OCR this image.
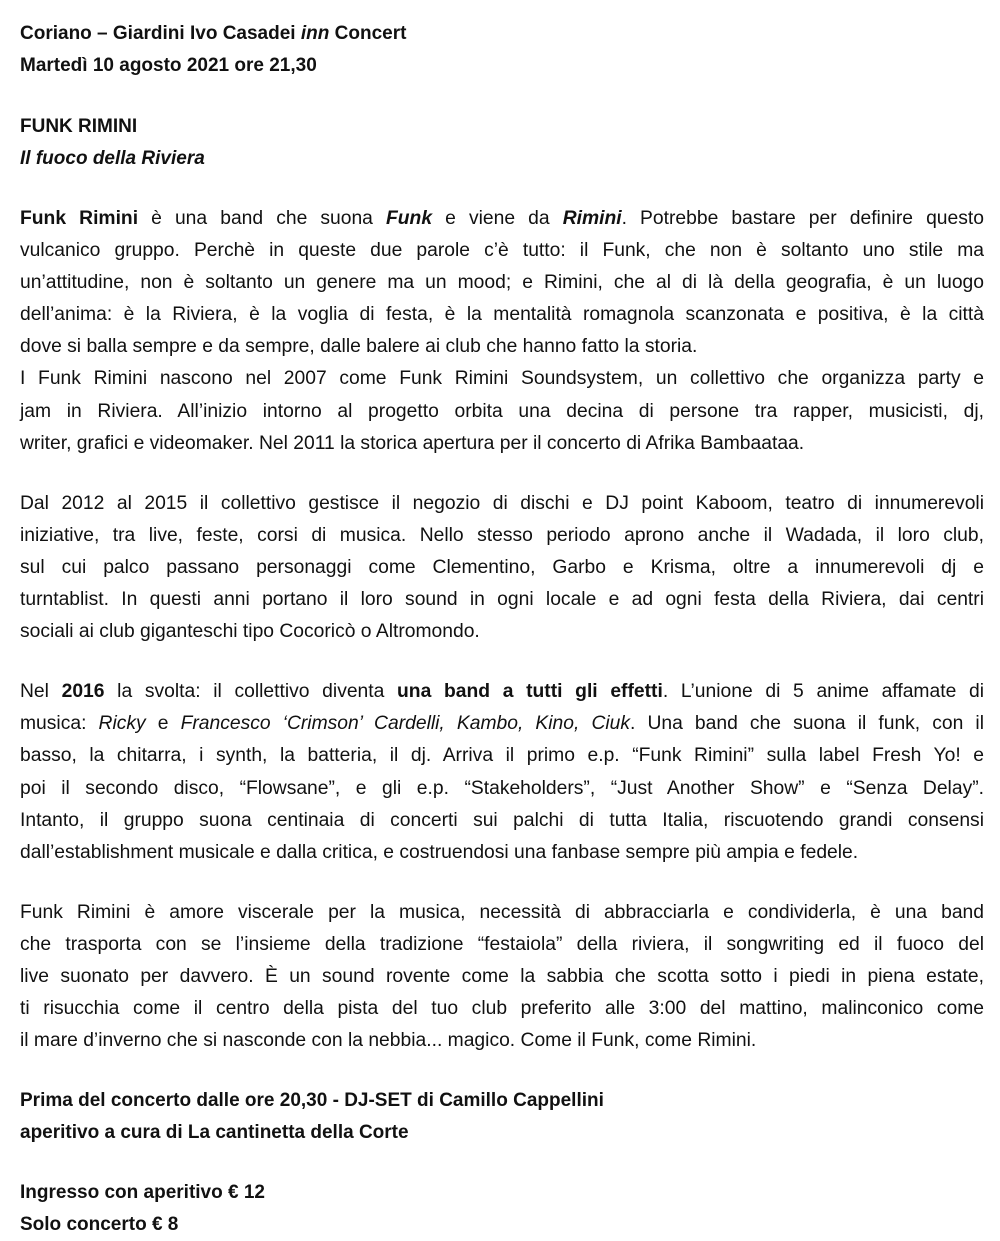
Coriano – Giardini Ivo Casadei inn Concert

Martedì 10 agosto 2021 ore 21,30

FUNK RIMINI

Il fuoco della Riviera

Funk Rimini è una band che suona Funk e viene da Rimini. Potrebbe bastare per definire questo
vulcanico gruppo. Perchè in queste due parole c’è tutto: il Funk, che non è soltanto uno stile ma
un’attitudine, non è soltanto un genere ma un mood; e Rimini, che al di là della geografia, è un luogo
dell’anima: è la Riviera, è la voglia di festa, è la mentalità romagnola scanzonata e positiva, è la città
dove si balla sempre e da sempre, dalle balere ai club che hanno fatto la storia.
I Funk Rimini nascono nel 2007 come Funk Rimini Soundsystem, un collettivo che organizza party e
jam in Riviera. All’inizio intorno al progetto orbita una decina di persone tra rapper, musicisti, dj,
writer, grafici e videomaker. Nel 2011 la storica apertura per il concerto di Afrika Bambaataa.
Dal 2012 al 2015 il collettivo gestisce il negozio di dischi e DJ point Kaboom, teatro di innumerevoli
iniziative, tra live, feste, corsi di musica. Nello stesso periodo aprono anche il Wadada, il loro club,
sul cui palco passano personaggi come Clementino, Garbo e Krisma, oltre a innumerevoli dj e
turntablist. In questi anni portano il loro sound in ogni locale e ad ogni festa della Riviera, dai centri
sociali ai club giganteschi tipo Cocoricò o Altromondo.
Nel 2016 la svolta: il collettivo diventa una band a tutti gli effetti. L’unione di 5 anime affamate di
musica: Ricky e Francesco ‘Crimson’ Cardelli, Kambo, Kino, Ciuk. Una band che suona il funk, con il
basso, la chitarra, i synth, la batteria, il dj. Arriva il primo e.p. “Funk Rimini” sulla label Fresh Yo! e
poi il secondo disco, “Flowsane”, e gli e.p. “Stakeholders”, “Just Another Show” e “Senza Delay”.
Intanto, il gruppo suona centinaia di concerti sui palchi di tutta Italia, riscuotendo grandi consensi
dall’establishment musicale e dalla critica, e costruendosi una fanbase sempre più ampia e fedele.
Funk Rimini è amore viscerale per la musica, necessità di abbracciarla e condividerla, è una band
che trasporta con se l’insieme della tradizione “festaiola” della riviera, il songwriting ed il fuoco del
live suonato per davvero. È un sound rovente come la sabbia che scotta sotto i piedi in piena estate,
ti risucchia come il centro della pista del tuo club preferito alle 3:00 del mattino, malinconico come
il mare d’inverno che si nasconde con la nebbia... magico. Come il Funk, come Rimini.

Prima del concerto dalle ore 20,30 - DJ-SET di Camillo Cappellini

aperitivo a cura di La cantinetta della Corte

Ingresso con aperitivo € 12

Solo concerto € 8
